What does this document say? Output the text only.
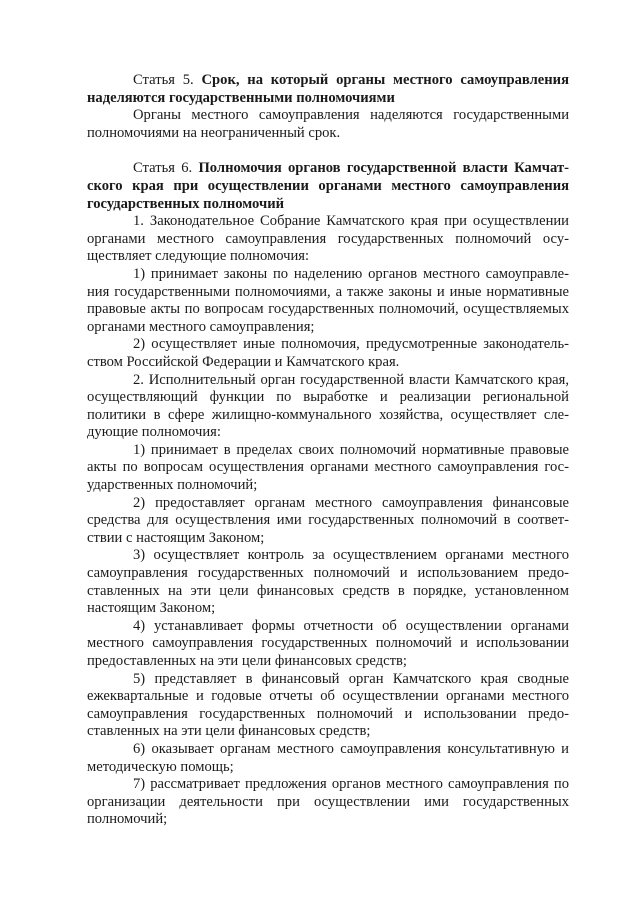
Статья 5. Срок, на который органы местного самоуправления наделяются государственными полномочиями

Органы местного самоуправления наделяются государственными полномочиями на неограниченный срок.

Статья 6. Полномочия органов государственной власти Камчатского края при осуществлении органами местного самоуправления государственных полномочий

1. Законодательное Собрание Камчатского края при осуществлении органами местного самоуправления государственных полномочий осуществляет следующие полномочия:

1) принимает законы по наделению органов местного самоуправления государственными полномочиями, а также законы и иные нормативные правовые акты по вопросам государственных полномочий, осуществляемых органами местного самоуправления;

2) осуществляет иные полномочия, предусмотренные законодательством Российской Федерации и Камчатского края.

2. Исполнительный орган государственной власти Камчатского края, осуществляющий функции по выработке и реализации региональной политики в сфере жилищно-коммунального хозяйства, осуществляет следующие полномочия:

1) принимает в пределах своих полномочий нормативные правовые акты по вопросам осуществления органами местного самоуправления государственных полномочий;

2) предоставляет органам местного самоуправления финансовые средства для осуществления ими государственных полномочий в соответствии с настоящим Законом;

3) осуществляет контроль за осуществлением органами местного самоуправления государственных полномочий и использованием предоставленных на эти цели финансовых средств в порядке, установленном настоящим Законом;

4) устанавливает формы отчетности об осуществлении органами местного самоуправления государственных полномочий и использовании предоставленных на эти цели финансовых средств;

5) представляет в финансовый орган Камчатского края сводные ежеквартальные и годовые отчеты об осуществлении органами местного самоуправления государственных полномочий и использовании предоставленных на эти цели финансовых средств;

6) оказывает органам местного самоуправления консультативную и методическую помощь;

7) рассматривает предложения органов местного самоуправления по организации деятельности при осуществлении ими государственных полномочий;
